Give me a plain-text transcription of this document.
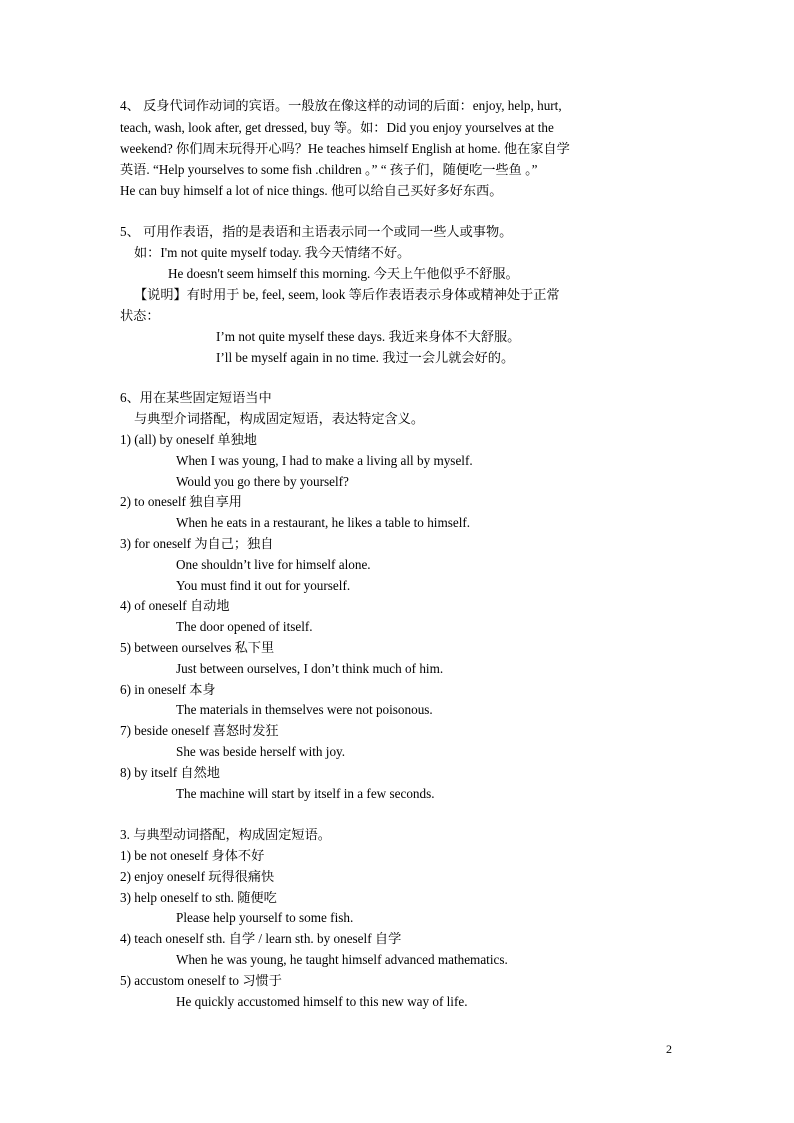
4、 反身代词作动词的宾语。一般放在像这样的动词的后面：enjoy, help, hurt,
teach, wash, look after, get dressed, buy 等。如：Did you enjoy yourselves at the
weekend? 你们周末玩得开心吗？He teaches himself English at home. 他在家自学
英语. “Help yourselves to some fish .children 。” “ 孩子们，随便吃一些鱼 。”
He can buy himself a lot of nice things. 他可以给自己买好多好东西。
5、 可用作表语，指的是表语和主语表示同一个或同一些人或事物。
如：I'm not quite myself today. 我今天情绪不好。
He doesn't seem himself this morning. 今天上午他似乎不舒服。
【说明】有时用于 be, feel, seem, look 等后作表语表示身体或精神处于正常
状态：
I’m not quite myself these days. 我近来身体不大舒服。
I’ll be myself again in no time. 我过一会儿就会好的。
6、用在某些固定短语当中
与典型介词搭配，构成固定短语，表达特定含义。
1) (all) by oneself 单独地
When I was young, I had to make a living all by myself.
Would you go there by yourself?
2) to oneself 独自享用
When he eats in a restaurant, he likes a table to himself.
3) for oneself 为自己；独自
One shouldn’t live for himself alone.
You must find it out for yourself.
4) of oneself 自动地
The door opened of itself.
5) between ourselves 私下里
Just between ourselves, I don’t think much of him.
6) in oneself 本身
The materials in themselves were not poisonous.
7) beside oneself 喜怒时发狂
She was beside herself with joy.
8) by itself 自然地
The machine will start by itself in a few seconds.
3. 与典型动词搭配，构成固定短语。
1) be not oneself 身体不好
2) enjoy oneself 玩得很痛快
3) help oneself to sth. 随便吃
Please help yourself to some fish.
4) teach oneself sth. 自学 / learn sth. by oneself 自学
When he was young, he taught himself advanced mathematics.
5) accustom oneself to 习惯于
He quickly accustomed himself to this new way of life.
2
